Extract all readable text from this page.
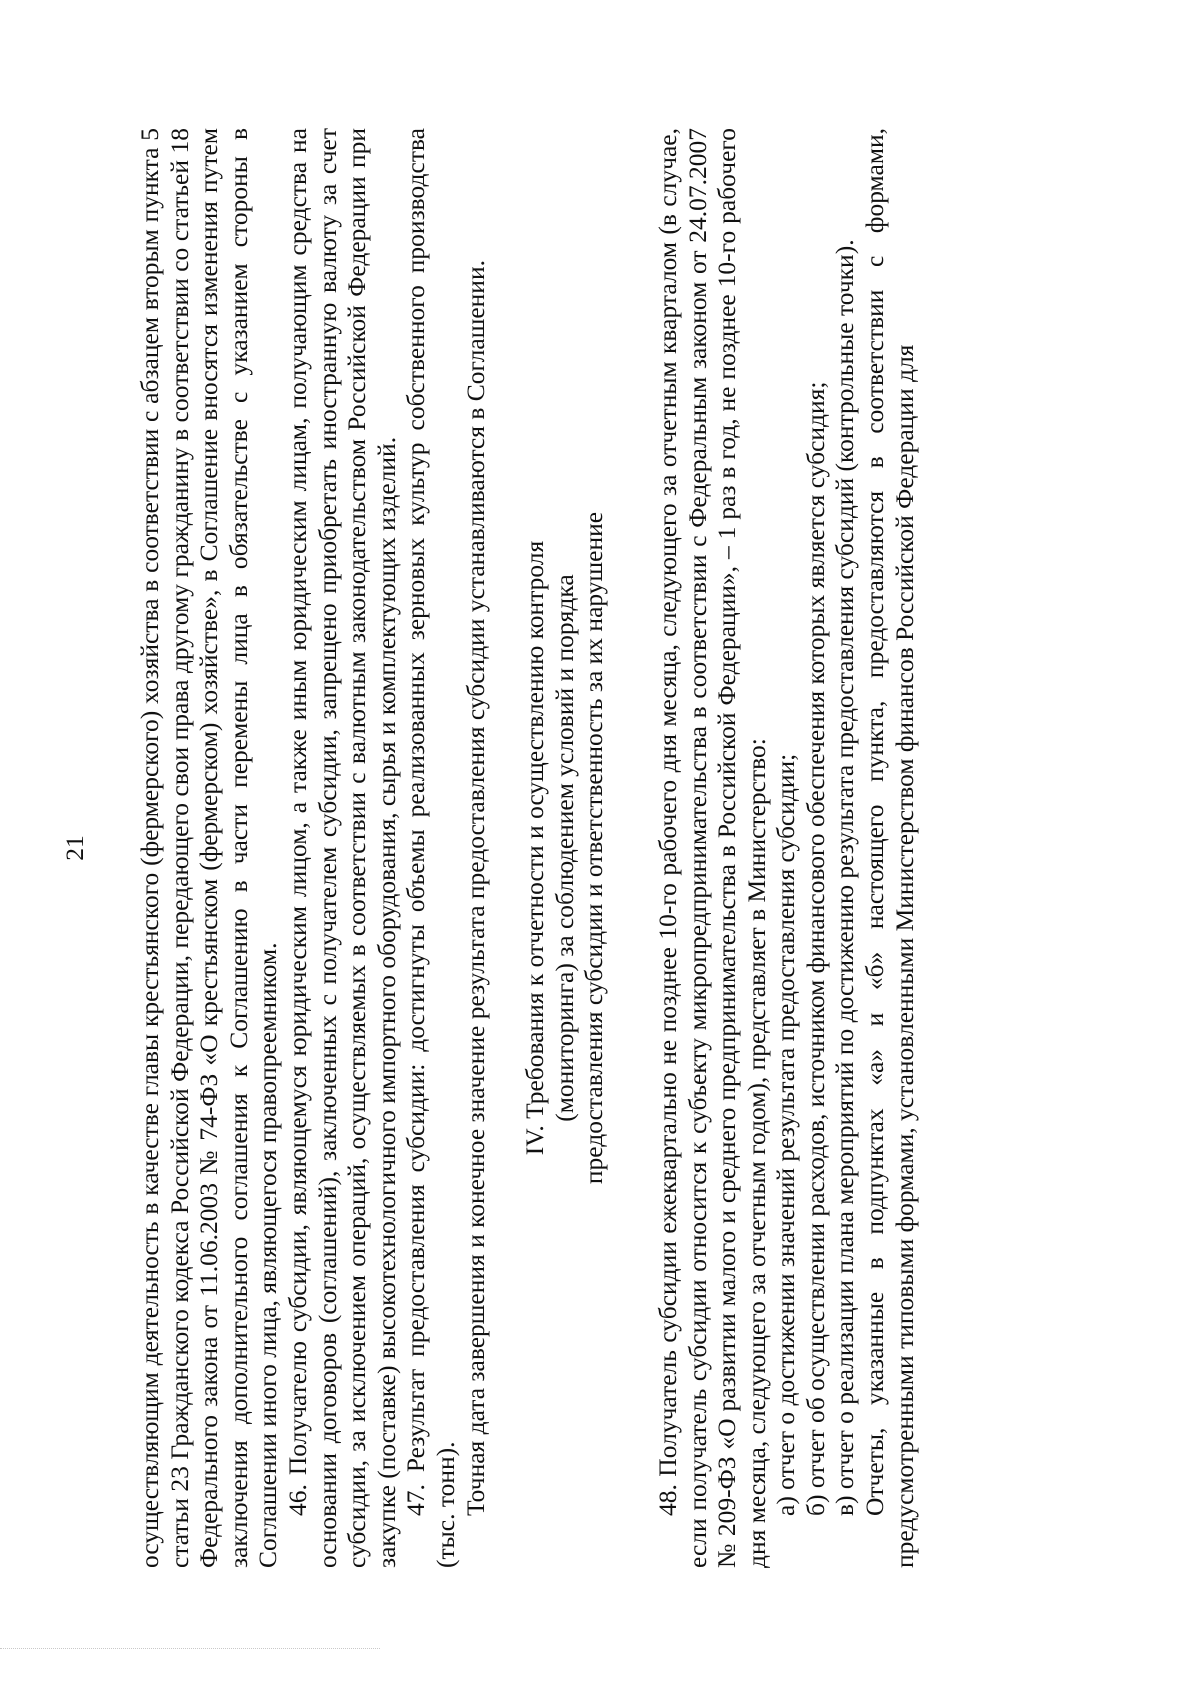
21 осуществляющим деятельность в качестве главы крестьянского (фермерского) хозяйства в соответствии с абзацем вторым пункта 5 статьи 23 Гражданского кодекса Российской Федерации, передающего свои права другому гражданину в соответствии со статьей 18 Федерального закона от 11.06.2003 № 74-ФЗ «О крестьянском (фермерском) хозяйстве», в Соглашение вносятся изменения путем заключения дополнительного соглашения к Соглашению в части перемены лица в обязательстве с указанием стороны в Соглашении иного лица, являющегося правопреемником. 46. Получателю субсидии, являющемуся юридическим лицом, а также иным юридическим лицам, получающим средства на основании договоров (соглашений), заключенных с получателем субсидии, запрещено приобретать иностранную валюту за счет субсидии, за исключением операций, осуществляемых в соответствии с валютным законодательством Российской Федерации при закупке (поставке) высокотехнологичного импортного оборудования, сырья и комплектующих изделий. 47. Результат предоставления субсидии: достигнуты объемы реализованных зерновых культур собственного производства (тыс. тонн). Точная дата завершения и конечное значение результата предоставления субсидии устанавливаются в Соглашении. IV. Требования к отчетности и осуществлению контроля (мониторинга) за соблюдением условий и порядка предоставления субсидии и ответственность за их нарушение 48. Получатель субсидии ежеквартально не позднее 10-го рабочего дня месяца, следующего за отчетным кварталом (в случае, если получатель субсидии относится к субъекту микропредпринимательства в соответствии с Федеральным законом от 24.07.2007 № 209-ФЗ «О развитии малого и среднего предпринимательства в Российской Федерации», – 1 раз в год, не позднее 10-го рабочего дня месяца, следующего за отчетным годом), представляет в Министерство: а) отчет о достижении значений результата предоставления субсидии; б) отчет об осуществлении расходов, источником финансового обеспечения которых является субсидия; в) отчет о реализации плана мероприятий по достижению результата предоставления субсидий (контрольные точки). Отчеты, указанные в подпунктах «а» и «б» настоящего пункта, предоставляются в соответствии с формами, предусмотренными типовыми формами, установленными Министерством финансов Российской Федерации для
